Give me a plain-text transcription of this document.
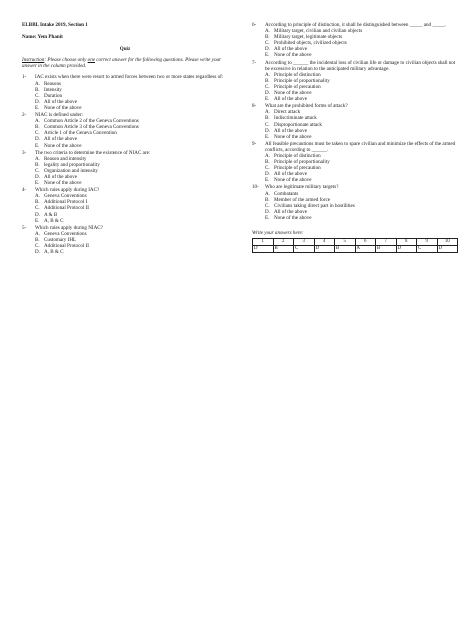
ELBBL Intake 2019, Section 1
Name: Yem Phanit
Quiz
Instruction: Please choose only one correct answer for the following questions. Please write your answer in the column provided.
1-	IAC exists when there were resort to armed forces between two or more states regardless of:
A. Reasons
B. Intensity
C. Duration
D. All of the above
E. None of the above
2-	NIAC is defined under:
A. Common Article 2 of the Geneva Conventions
B. Common Article 3 of the Geneva Conventions
C. Article 1 of the Geneva Convention
D. All of the above
E. None of the above
3-	The two criteria to determine the existence of NIAC are:
A. Reason and intensity
B. legality and proportionality
C. Organization and intensity
D. All of the above
E. None of the above
4-	Which rules apply during IAC?
A. Geneva Conventions
B. Additional Protocol I
C. Additional Protocol II
D. A & B
E. A, B & C
5-	Which rules apply during NIAC?
A. Geneva Conventions
B. Customary IHL
C. Additional Protocol II
D. A, B & C
6-	According to principle of distinction, it shall be distinguished between _____ and _____.
A. Military target, civilian and civilian objects
B. Military target, legitimate objects
C. Prohibited objects, civilized objects
D. All of the above
E. None of the above
7-	According to ______ the incidental loss of civilian life or damage to civilian objects shall not be excessive in relation to the anticipated military advantage.
A. Principle of distinction
B. Principle of proportionality
C. Principle of precaution
D. None of the above
E. All of the above
8-	What are the prohibited forms of attack?
A. Direct attack
B. Indiscriminate attack
C. Disproportionate attack
D. All of the above
E. None of the above
9-	All feasible precautions must be taken to spare civilian and minimize the effects of the armed conflicts, according to ______.
A. Principle of distinction
B. Principle of proportionality
C. Principle of precaution
D. All of the above
E. None of the above
10-	Who are legitimate military targets?
A. Combatants
B. Member of the armed force
C. Civilians taking direct part in hostilities
D. All of the above
E. None of the above
Write your answers here:
1	2	3	4	5	6	7	8	9	10
D	B	C	D	B	A	B	D	C	D
